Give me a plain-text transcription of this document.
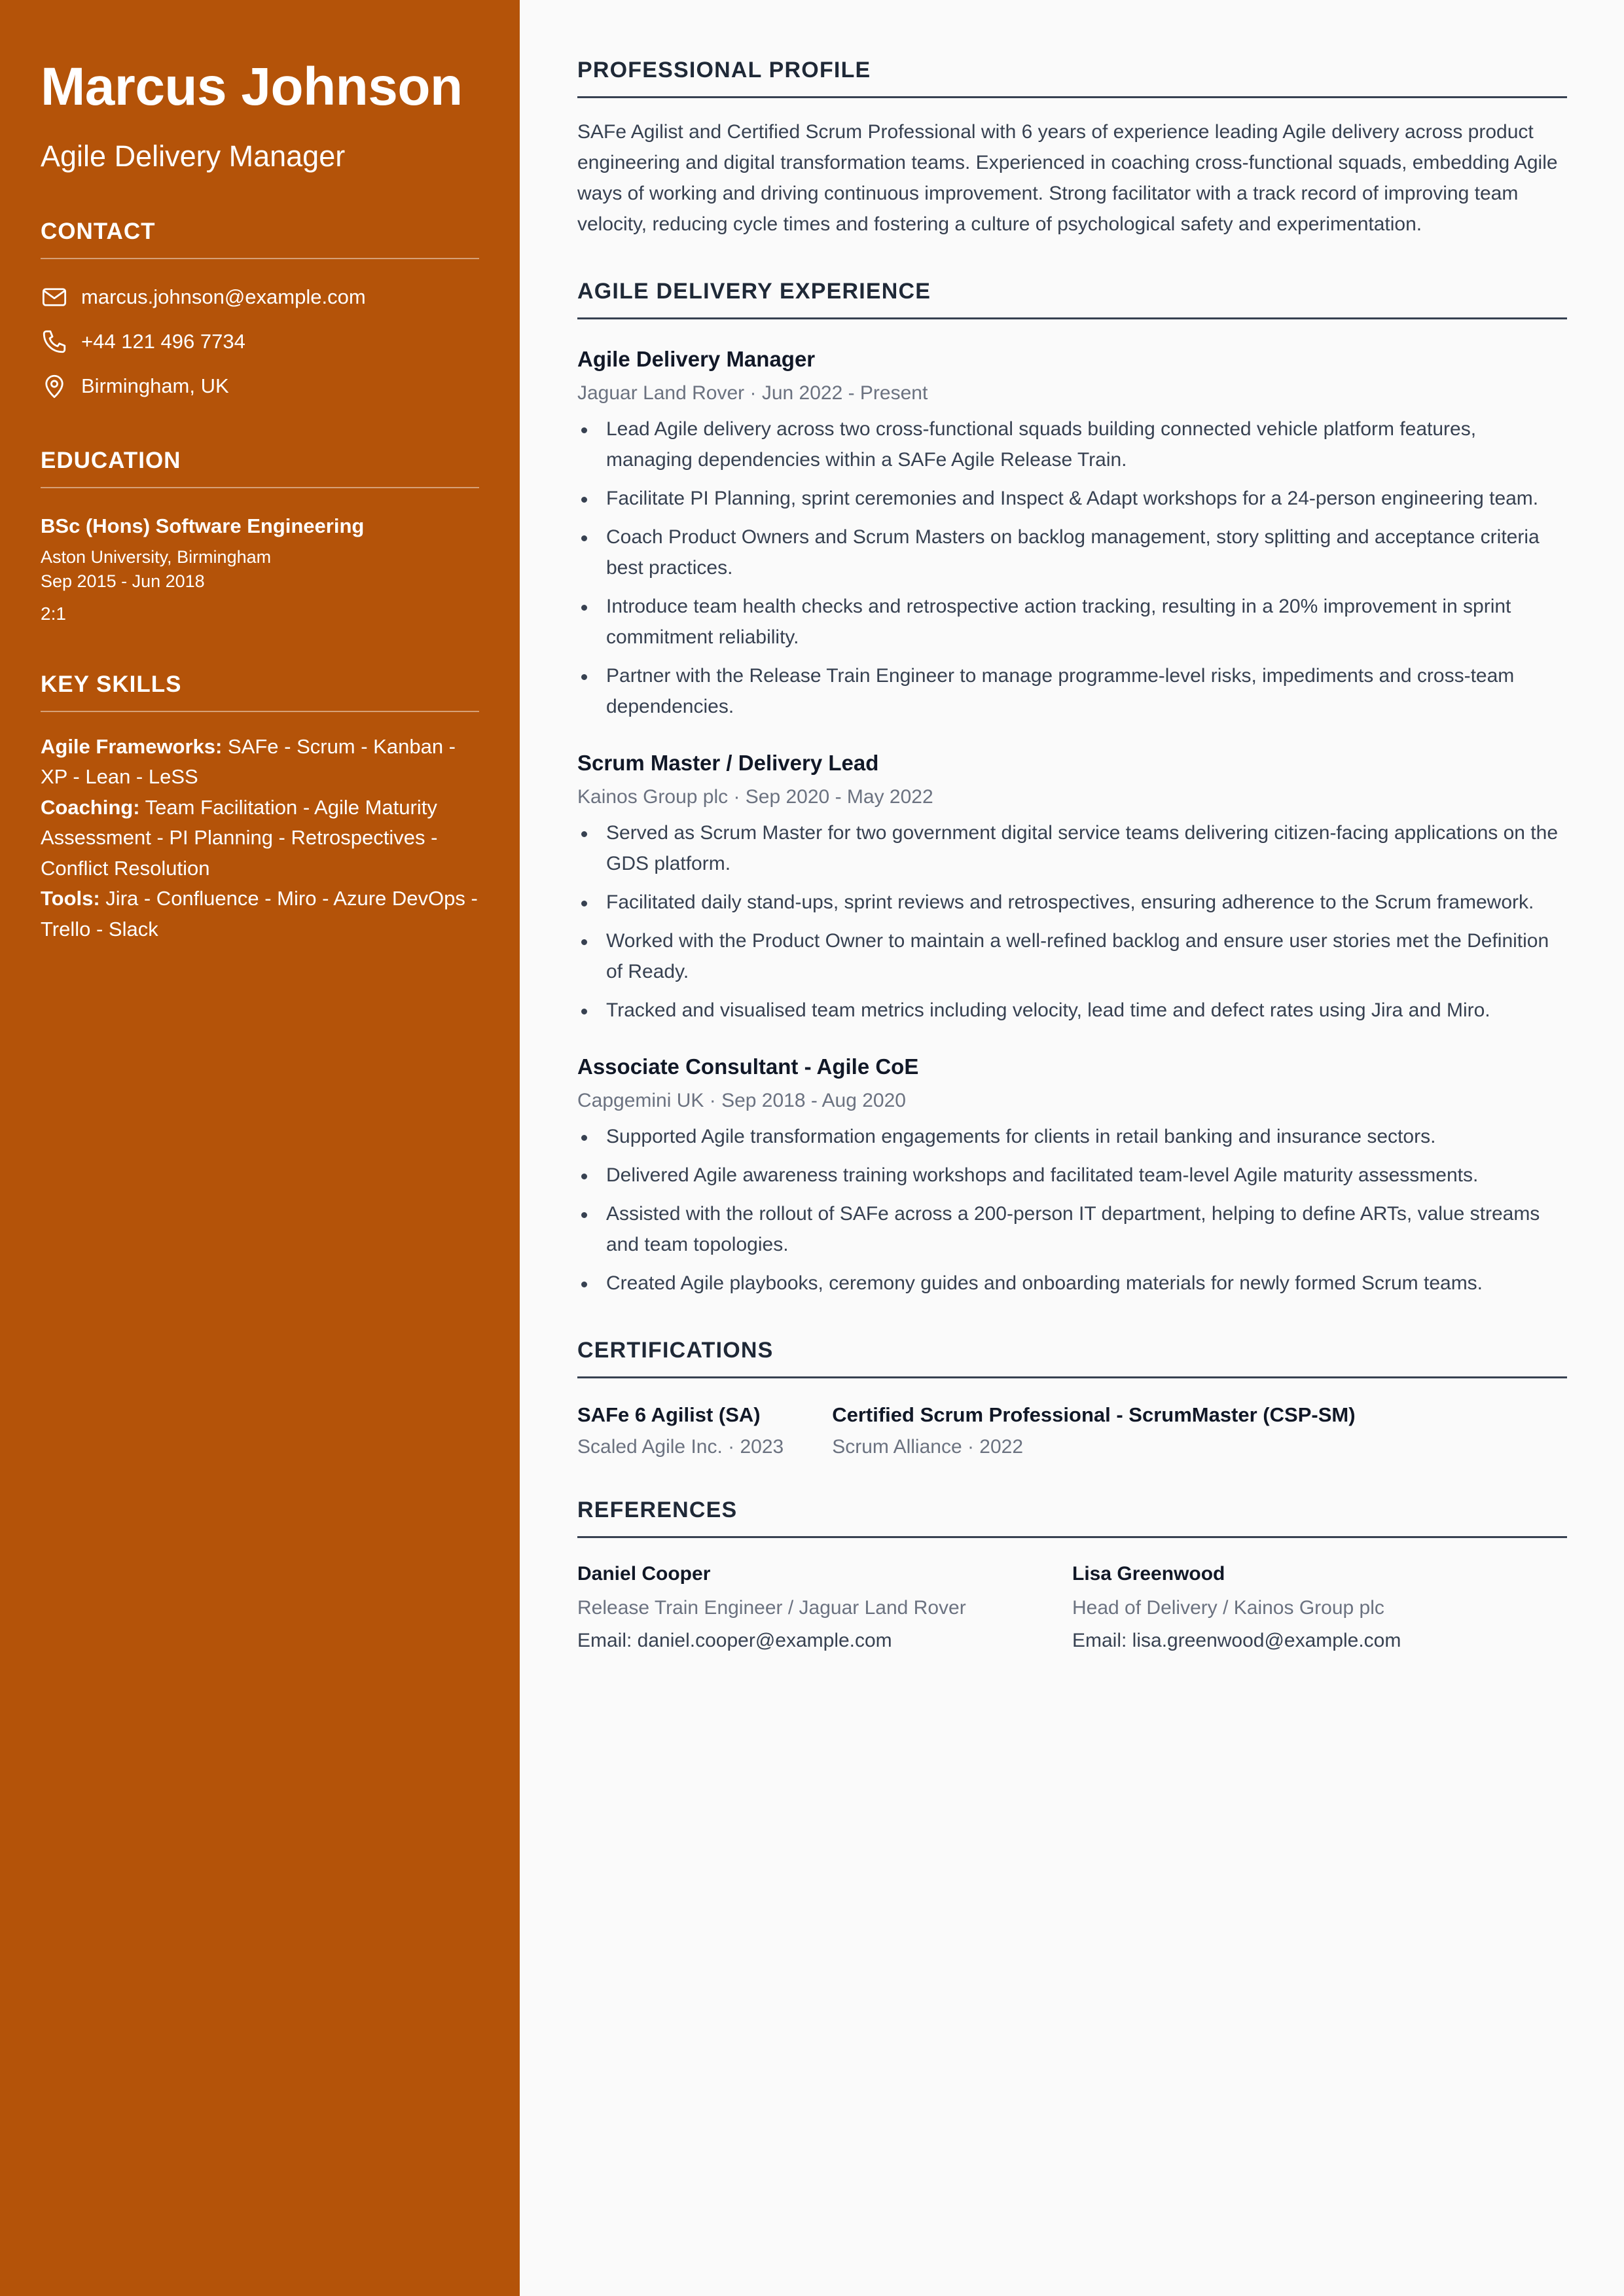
Marcus Johnson
Agile Delivery Manager
CONTACT
marcus.johnson@example.com
+44 121 496 7734
Birmingham, UK
EDUCATION
BSc (Hons) Software Engineering
Aston University, Birmingham
Sep 2015 - Jun 2018
2:1
KEY SKILLS
Agile Frameworks: SAFe - Scrum - Kanban - XP - Lean - LeSS
Coaching: Team Facilitation - Agile Maturity Assessment - PI Planning - Retrospectives - Conflict Resolution
Tools: Jira - Confluence - Miro - Azure DevOps - Trello - Slack
PROFESSIONAL PROFILE

SAFe Agilist and Certified Scrum Professional with 6 years of experience leading Agile delivery across product engineering and digital transformation teams. Experienced in coaching cross-functional squads, embedding Agile ways of working and driving continuous improvement. Strong facilitator with a track record of improving team velocity, reducing cycle times and fostering a culture of psychological safety and experimentation.

AGILE DELIVERY EXPERIENCE
Agile Delivery Manager
Jaguar Land Rover · Jun 2022 - Present
Lead Agile delivery across two cross-functional squads building connected vehicle platform features, managing dependencies within a SAFe Agile Release Train.
Facilitate PI Planning, sprint ceremonies and Inspect & Adapt workshops for a 24-person engineering team.
Coach Product Owners and Scrum Masters on backlog management, story splitting and acceptance criteria best practices.
Introduce team health checks and retrospective action tracking, resulting in a 20% improvement in sprint commitment reliability.
Partner with the Release Train Engineer to manage programme-level risks, impediments and cross-team dependencies.
Scrum Master / Delivery Lead
Kainos Group plc · Sep 2020 - May 2022
Served as Scrum Master for two government digital service teams delivering citizen-facing applications on the GDS platform.
Facilitated daily stand-ups, sprint reviews and retrospectives, ensuring adherence to the Scrum framework.
Worked with the Product Owner to maintain a well-refined backlog and ensure user stories met the Definition of Ready.
Tracked and visualised team metrics including velocity, lead time and defect rates using Jira and Miro.
Associate Consultant - Agile CoE
Capgemini UK · Sep 2018 - Aug 2020
Supported Agile transformation engagements for clients in retail banking and insurance sectors.
Delivered Agile awareness training workshops and facilitated team-level Agile maturity assessments.
Assisted with the rollout of SAFe across a 200-person IT department, helping to define ARTs, value streams and team topologies.
Created Agile playbooks, ceremony guides and onboarding materials for newly formed Scrum teams.
CERTIFICATIONS
SAFe 6 Agilist (SA)
Scaled Agile Inc. · 2023
Certified Scrum Professional - ScrumMaster (CSP-SM)
Scrum Alliance · 2022
REFERENCES
Daniel Cooper
Release Train Engineer / Jaguar Land Rover
Email: daniel.cooper@example.com
Lisa Greenwood
Head of Delivery / Kainos Group plc
Email: lisa.greenwood@example.com
